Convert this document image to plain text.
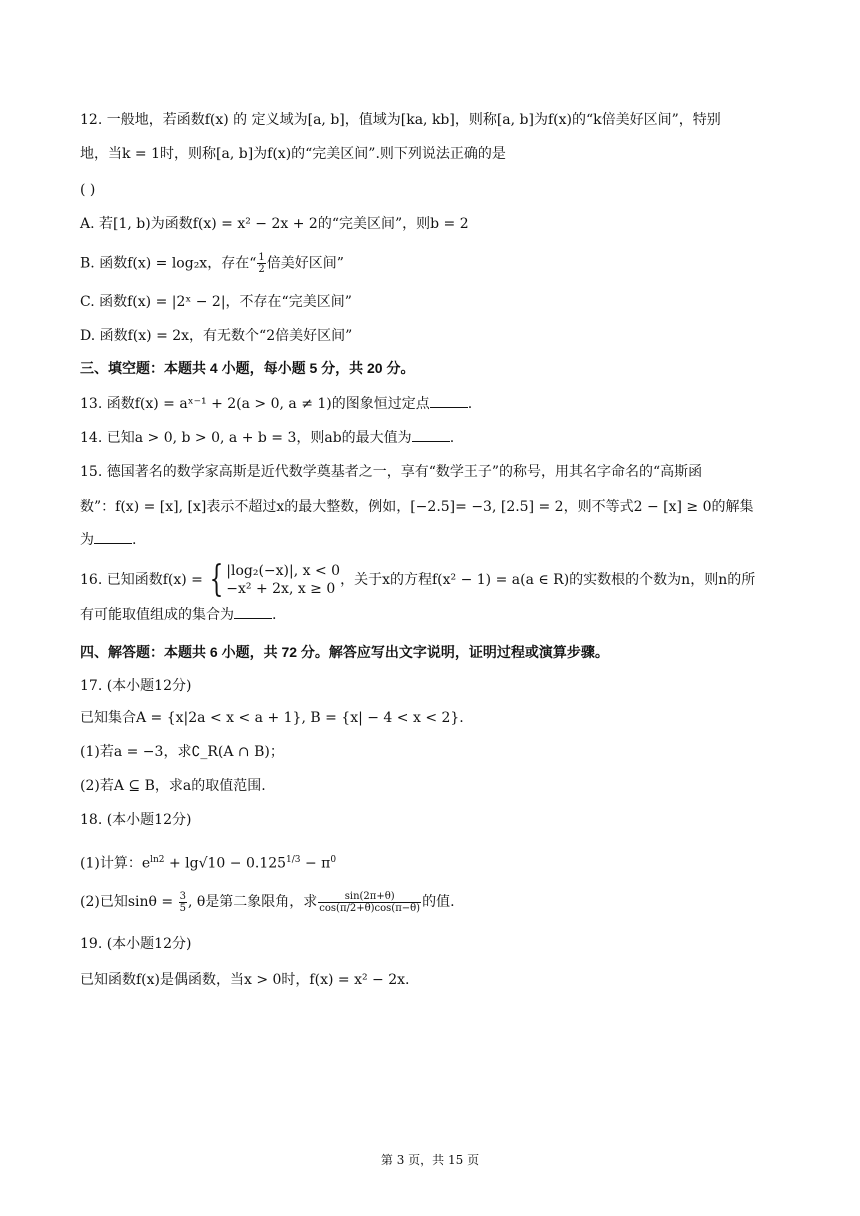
12. 一般地，若函数f(x) 的 定义域为[a, b]，值域为[ka, kb]，则称[a, b]为f(x)的“k倍美好区间”，特别
地，当k = 1时，则称[a, b]为f(x)的“完美区间”.则下列说法正确的是
( )
A. 若[1, b)为函数f(x) = x² − 2x + 2的“完美区间”，则b = 2
B. 函数f(x) = log₂x，存在“ $\frac{1}{2}$ 倍美好区间”
C. 函数f(x) = |2ˣ − 2|，不存在“完美区间”
D. 函数f(x) = 2x，有无数个“2倍美好区间”
三、填空题：本题共 4 小题，每小题 5 分，共 20 分。
13. 函数f(x) = aˣ⁻¹ + 2(a > 0, a ≠ 1)的图象恒过定点	.
14. 已知a > 0, b > 0, a + b = 3，则ab的最大值为	.
15. 德国著名的数学家高斯是近代数学奠基者之一，享有“数学王子”的称号，用其名字命名的“高斯函
数”：f(x) = [x], [x]表示不超过x的最大整数，例如，[−2.5]= −3, [2.5] = 2，则不等式2 − [x] ≥ 0的解集
为	.
16. 已知函数f(x) = { |log₂(−x)|, x < 0
−x² + 2x, x ≥ 0
，关于x的方程f(x² − 1) = a(a ∈ R)的实数根的个数为n，则n的所
有可能取值组成的集合为	.
四、解答题：本题共 6 小题，共 72 分。解答应写出文字说明，证明过程或演算步骤。
17. (本小题12分)
已知集合A = {x|2a < x < a + 1}, B = {x| − 4 < x < 2}.
(1)若a = −3，求∁_R(A ∩ B)；
(2)若A ⊆ B，求a的取值范围.
18. (本小题12分)
(1)计算：$e^{ln2} + \lg√10 - 0.125^{1/3} - \pi^0$
(2)已知$\sin\theta = \frac{3}{5}$ , θ是第二象限角，求 $\frac{\sin(2\pi+\theta)}{\cos(\pi/2+\theta)\cos(\pi-\theta)}$ 的值.
19. (本小题12分)
已知函数f(x)是偶函数，当x > 0时，f(x) = x² − 2x.
第 3 页，共 15 页
